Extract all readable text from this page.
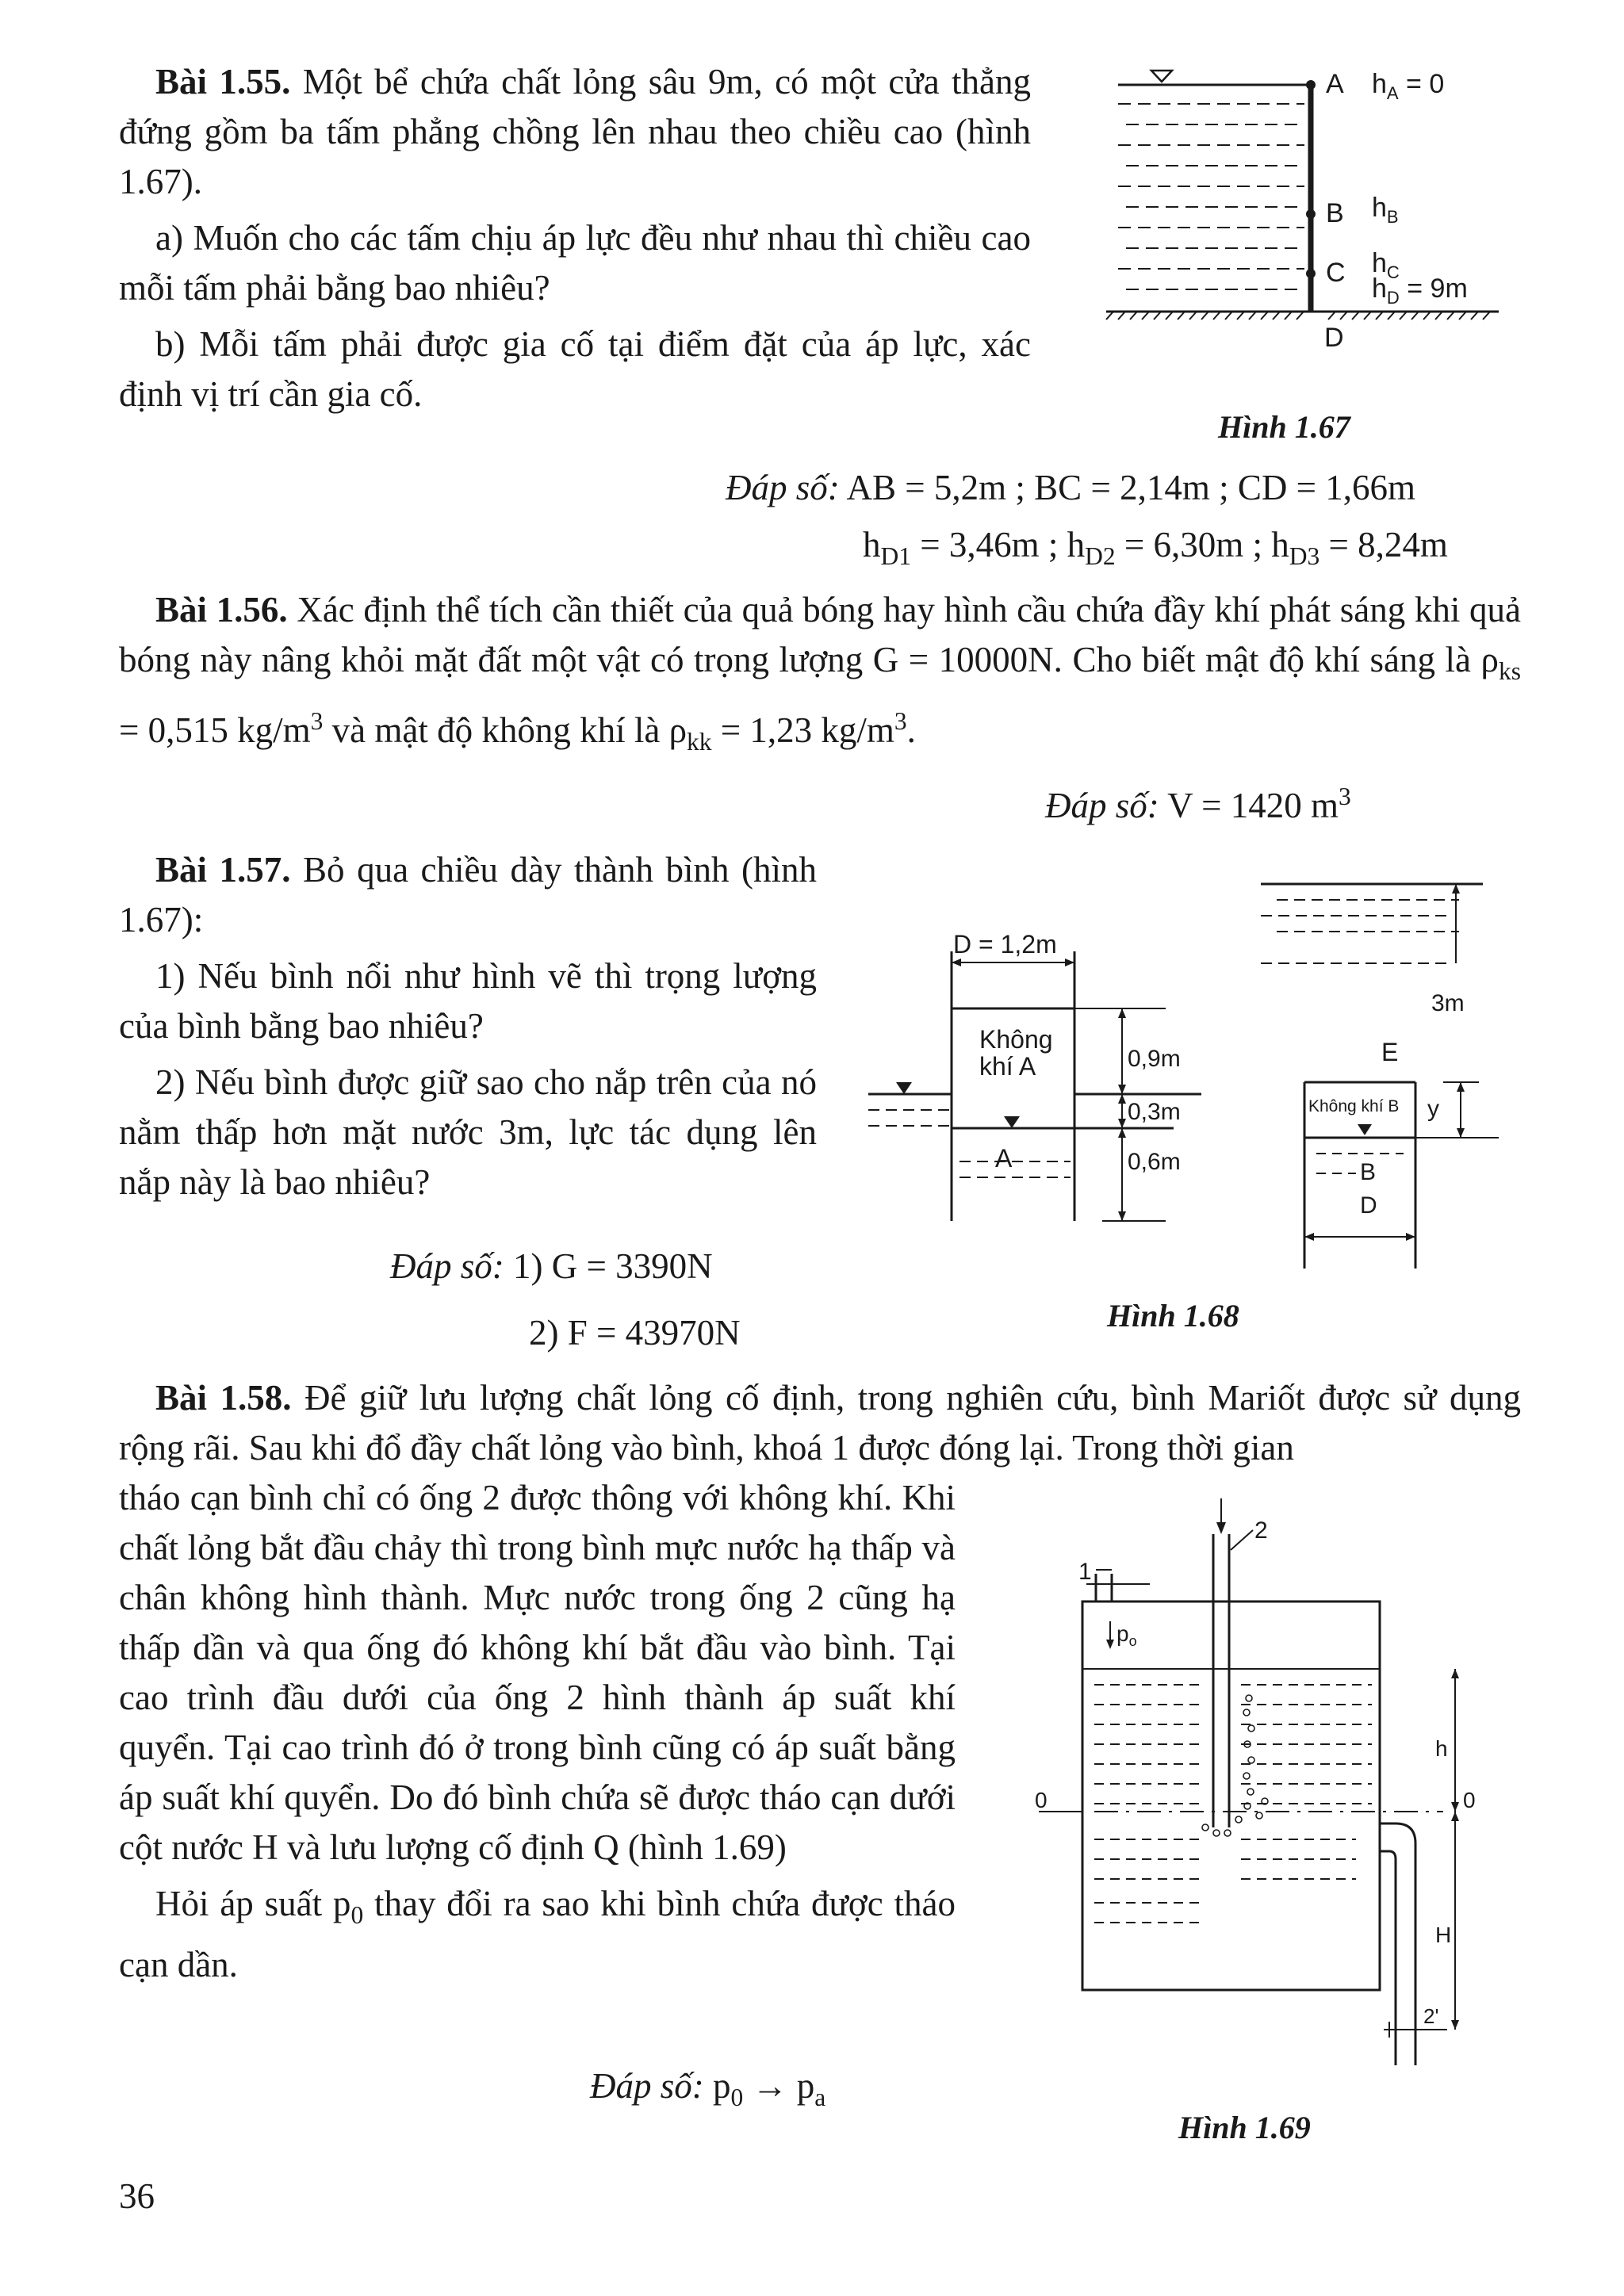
Bài 1.55. Một bể chứa chất lỏng sâu 9m, có một cửa thẳng đứng gồm ba tấm phẳng chồng lên nhau theo chiều cao (hình 1.67).

a) Muốn cho các tấm chịu áp lực đều như nhau thì chiều cao mỗi tấm phải bằng bao nhiêu?

b) Mỗi tấm phải được gia cố tại điểm đặt của áp lực, xác định vị trí cần gia cố.

A $h_A = 0$
B $h_B$
C $h_C$
$h_D = 9m$
D
Hình 1.67
Đáp số: AB = 5,2m ; BC = 2,14m ; CD = 1,66m
$h_{D1} = 3,46m$ ; $h_{D2} = 6,30m$ ; $h_{D3} = 8,24m$

Bài 1.56. Xác định thể tích cần thiết của quả bóng hay hình cầu chứa đầy khí phát sáng khi quả bóng này nâng khỏi mặt đất một vật có trọng lượng G = 10000N. Cho biết mật độ khí sáng là $\rho_{ks} = 0,515$ $kg/m^3$ và mật độ không khí là $\rho_{kk} = 1,23$ $kg/m^3$.

Đáp số: V = 1420 $m^3$

Bài 1.57. Bỏ qua chiều dày thành bình (hình 1.67):

1) Nếu bình nổi như hình vẽ thì trọng lượng của bình bằng bao nhiêu?

2) Nếu bình được giữ sao cho nắp trên của nó nằm thấp hơn mặt nước 3m, lực tác dụng lên nắp này là bao nhiêu?

Đáp số: 1) G = 3390N
2) F = 43970N
D = 1,2m
Không
khí A
A
0,9m
0,3m
0,6m
3m
E
Không khí B
B
D
y
Hình 1.68

Bài 1.58. Để giữ lưu lượng chất lỏng cố định, trong nghiên cứu, bình Mariốt được sử dụng rộng rãi. Sau khi đổ đầy chất lỏng vào bình, khoá 1 được đóng lại. Trong thời gian

tháo cạn bình chỉ có ống 2 được thông với không khí. Khi chất lỏng bắt đầu chảy thì trong bình mực nước hạ thấp và chân không hình thành. Mực nước trong ống 2 cũng hạ thấp dần và qua ống đó không khí bắt đầu vào bình. Tại cao trình đầu dưới của ống 2 hình thành áp suất khí quyển. Tại cao trình đó ở trong bình cũng có áp suất bằng áp suất khí quyển. Do đó bình chứa sẽ được tháo cạn dưới cột nước H và lưu lượng cố định Q (hình 1.69)

Hỏi áp suất $p_0$ thay đổi ra sao khi bình chứa được tháo cạn dần.

Đáp số: $p_0 \to p_a$
1
2
$p_o$
0	0
2'
h
H
Hình 1.69
36
